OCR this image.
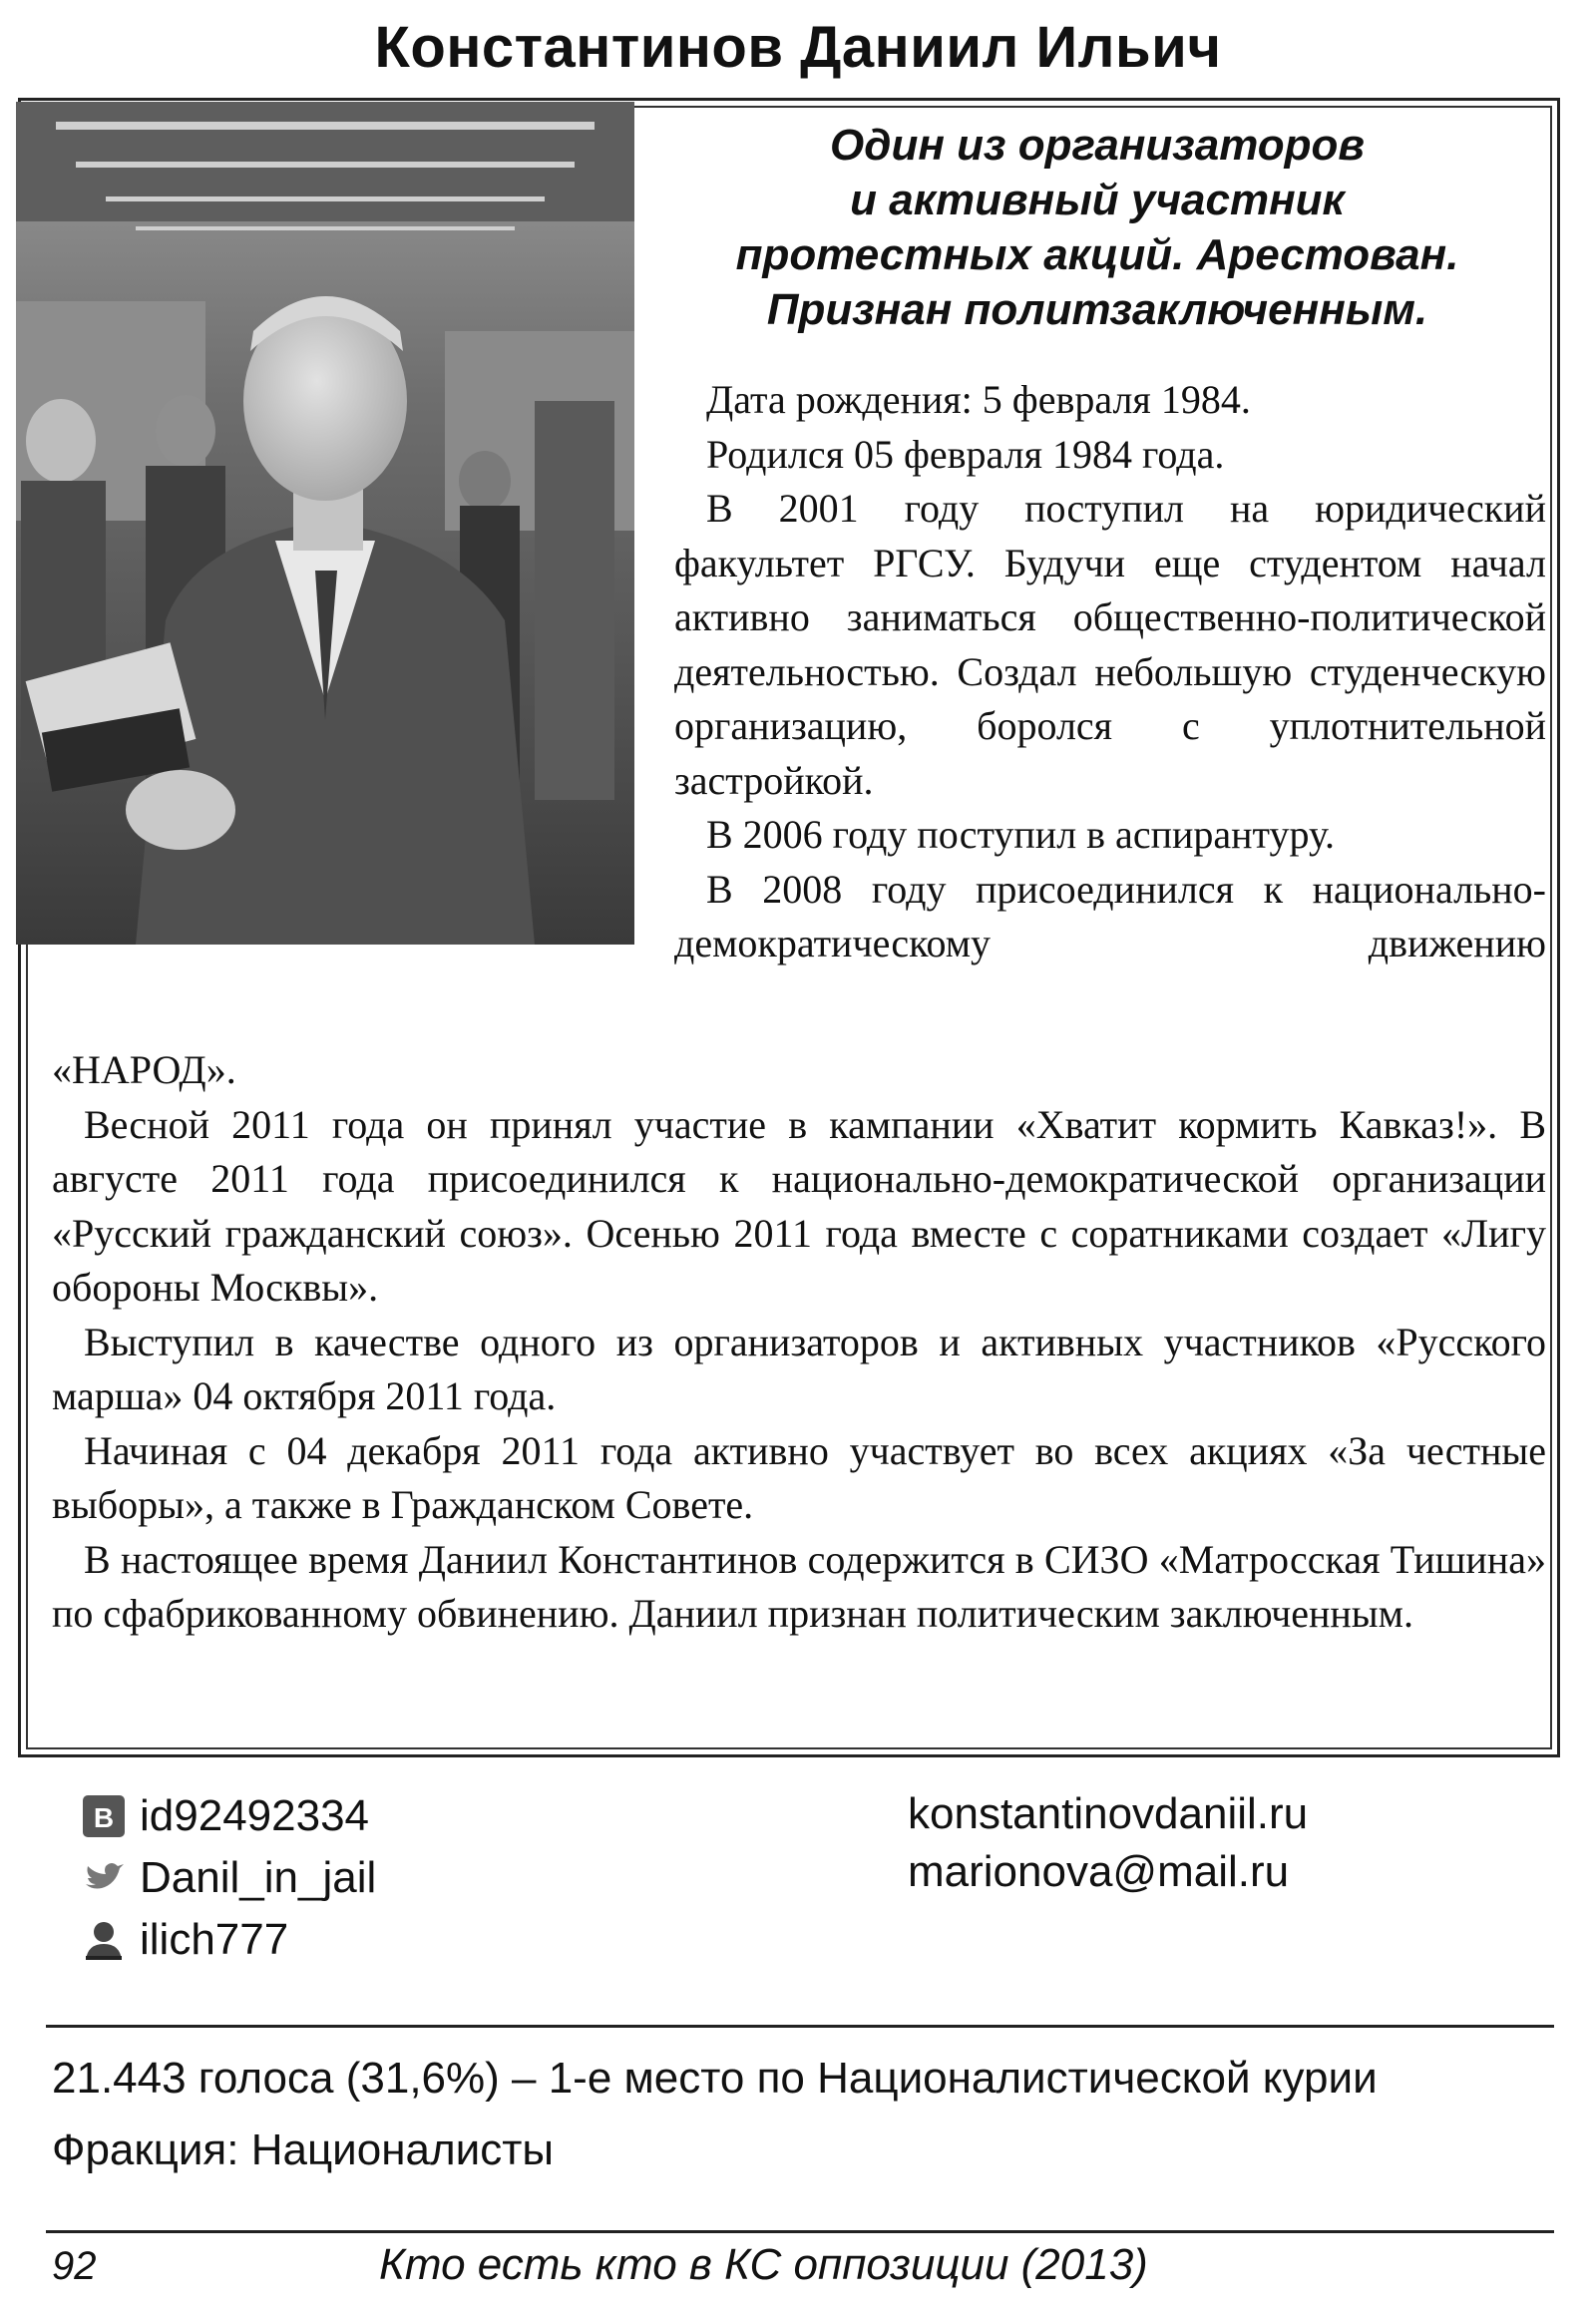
Константинов Даниил Ильич
Один из организаторов
и активный участник
протестных акций. Арестован.
Признан политзаключенным.

Дата рождения: 5 февраля 1984.

Родился 05 февраля 1984 года.

В 2001 году поступил на юридический факультет РГСУ. Будучи еще студентом начал активно заниматься общественно-политической деятельностью. Создал небольшую студенческую организацию, боролся с уплотнительной застройкой.

В 2006 году поступил в аспирантуру.

В 2008 году присоединился к национально-демократическому движению

«НАРОД».

Весной 2011 года он принял участие в кампании «Хватит кормить Кавказ!». В августе 2011 года присоединился к национально-демократической организации «Русский гражданский союз». Осенью 2011 года вместе с соратниками создает «Лигу обороны Москвы».

Выступил в качестве одного из организаторов и активных участников «Русского марша» 04 октября 2011 года.

Начиная с 04 декабря 2011 года активно участвует во всех акциях «За честные выборы», а также в Гражданском Совете.

В настоящее время Даниил Константинов содержится в СИЗО «Матросская Тишина» по сфабрикованному обвинению. Даниил признан политическим заключенным.

B id92492334
Danil_in_jail
ilich777
konstantinovdaniil.ru
marionova@mail.ru
21.443 голоса (31,6%) – 1-е место по Националистической курии
Фракция: Националисты
92	Кто есть кто в КС оппозиции (2013)
